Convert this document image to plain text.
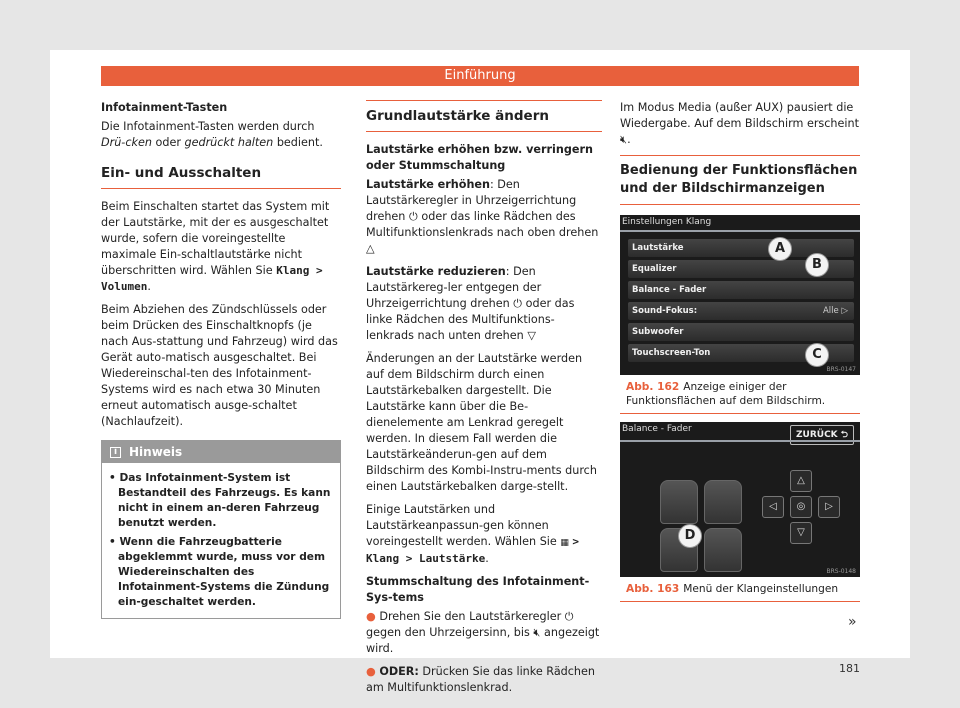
Einführung
Infotainment-Tasten

Die Infotainment-Tasten werden durch Drü-cken oder gedrückt halten bedient.

Ein- und Ausschalten

Beim Einschalten startet das System mit der Lautstärke, mit der es ausgeschaltet wurde, sofern die voreingestellte maximale Ein-schaltlautstärke nicht überschritten wird. Wählen Sie Klang > Volumen.

Beim Abziehen des Zündschlüssels oder beim Drücken des Einschaltknopfs (je nach Aus-stattung und Fahrzeug) wird das Gerät auto-matisch ausgeschaltet. Bei Wiedereinschal-ten des Infotainment-Systems wird es nach etwa 30 Minuten erneut automatisch ausge-schaltet (Nachlaufzeit).

i Hinweis
• Das Infotainment-System ist Bestandteil des Fahrzeugs. Es kann nicht in einem an-deren Fahrzeug benutzt werden.
• Wenn die Fahrzeugbatterie abgeklemmt wurde, muss vor dem Wiedereinschalten des Infotainment-Systems die Zündung ein-geschaltet werden.
Grundlautstärke ändern
Lautstärke erhöhen bzw. verringern oder Stummschaltung

Lautstärke erhöhen: Den Lautstärkeregler in Uhrzeigerrichtung drehen ⏻ oder das linke Rädchen des Multifunktionslenkrads nach oben drehen △

Lautstärke reduzieren: Den Lautstärkereg-ler entgegen der Uhrzeigerrichtung drehen ⏻ oder das linke Rädchen des Multifunktions-lenkrads nach unten drehen ▽

Änderungen an der Lautstärke werden auf dem Bildschirm durch einen Lautstärkebalken dargestellt. Die Lautstärke kann über die Be-dienelemente am Lenkrad geregelt werden. In diesem Fall werden die Lautstärkeänderun-gen auf dem Bildschirm des Kombi-Instru-ments durch einen Lautstärkebalken darge-stellt.

Einige Lautstärken und Lautstärkeanpassun-gen können voreingestellt werden. Wählen Sie ▦ > Klang > Lautstärke.

Stummschaltung des Infotainment-Sys-tems

● Drehen Sie den Lautstärkeregler ⏻ gegen den Uhrzeigersinn, bis 🔇︎ angezeigt wird.

● ODER: Drücken Sie das linke Rädchen am Multifunktionslenkrad.

Im Modus Media (außer AUX) pausiert die Wiedergabe. Auf dem Bildschirm erscheint 🔇︎.

Bedienung der Funktionsflächen und der Bildschirmanzeigen
Einstellungen Klang
Lautstärke
Equalizer
Balance - Fader
Sound-Fokus:	Alle ▷
Subwoofer
Touchscreen-Ton
A
B
C
BRS-0147
Abb. 162 Anzeige einiger der Funktionsflächen auf dem Bildschirm.
Balance - Fader
ZURÜCK ⮌
D
△
◁	◎	▷
▽
BRS-0148
Abb. 163 Menü der Klangeinstellungen
»
181
